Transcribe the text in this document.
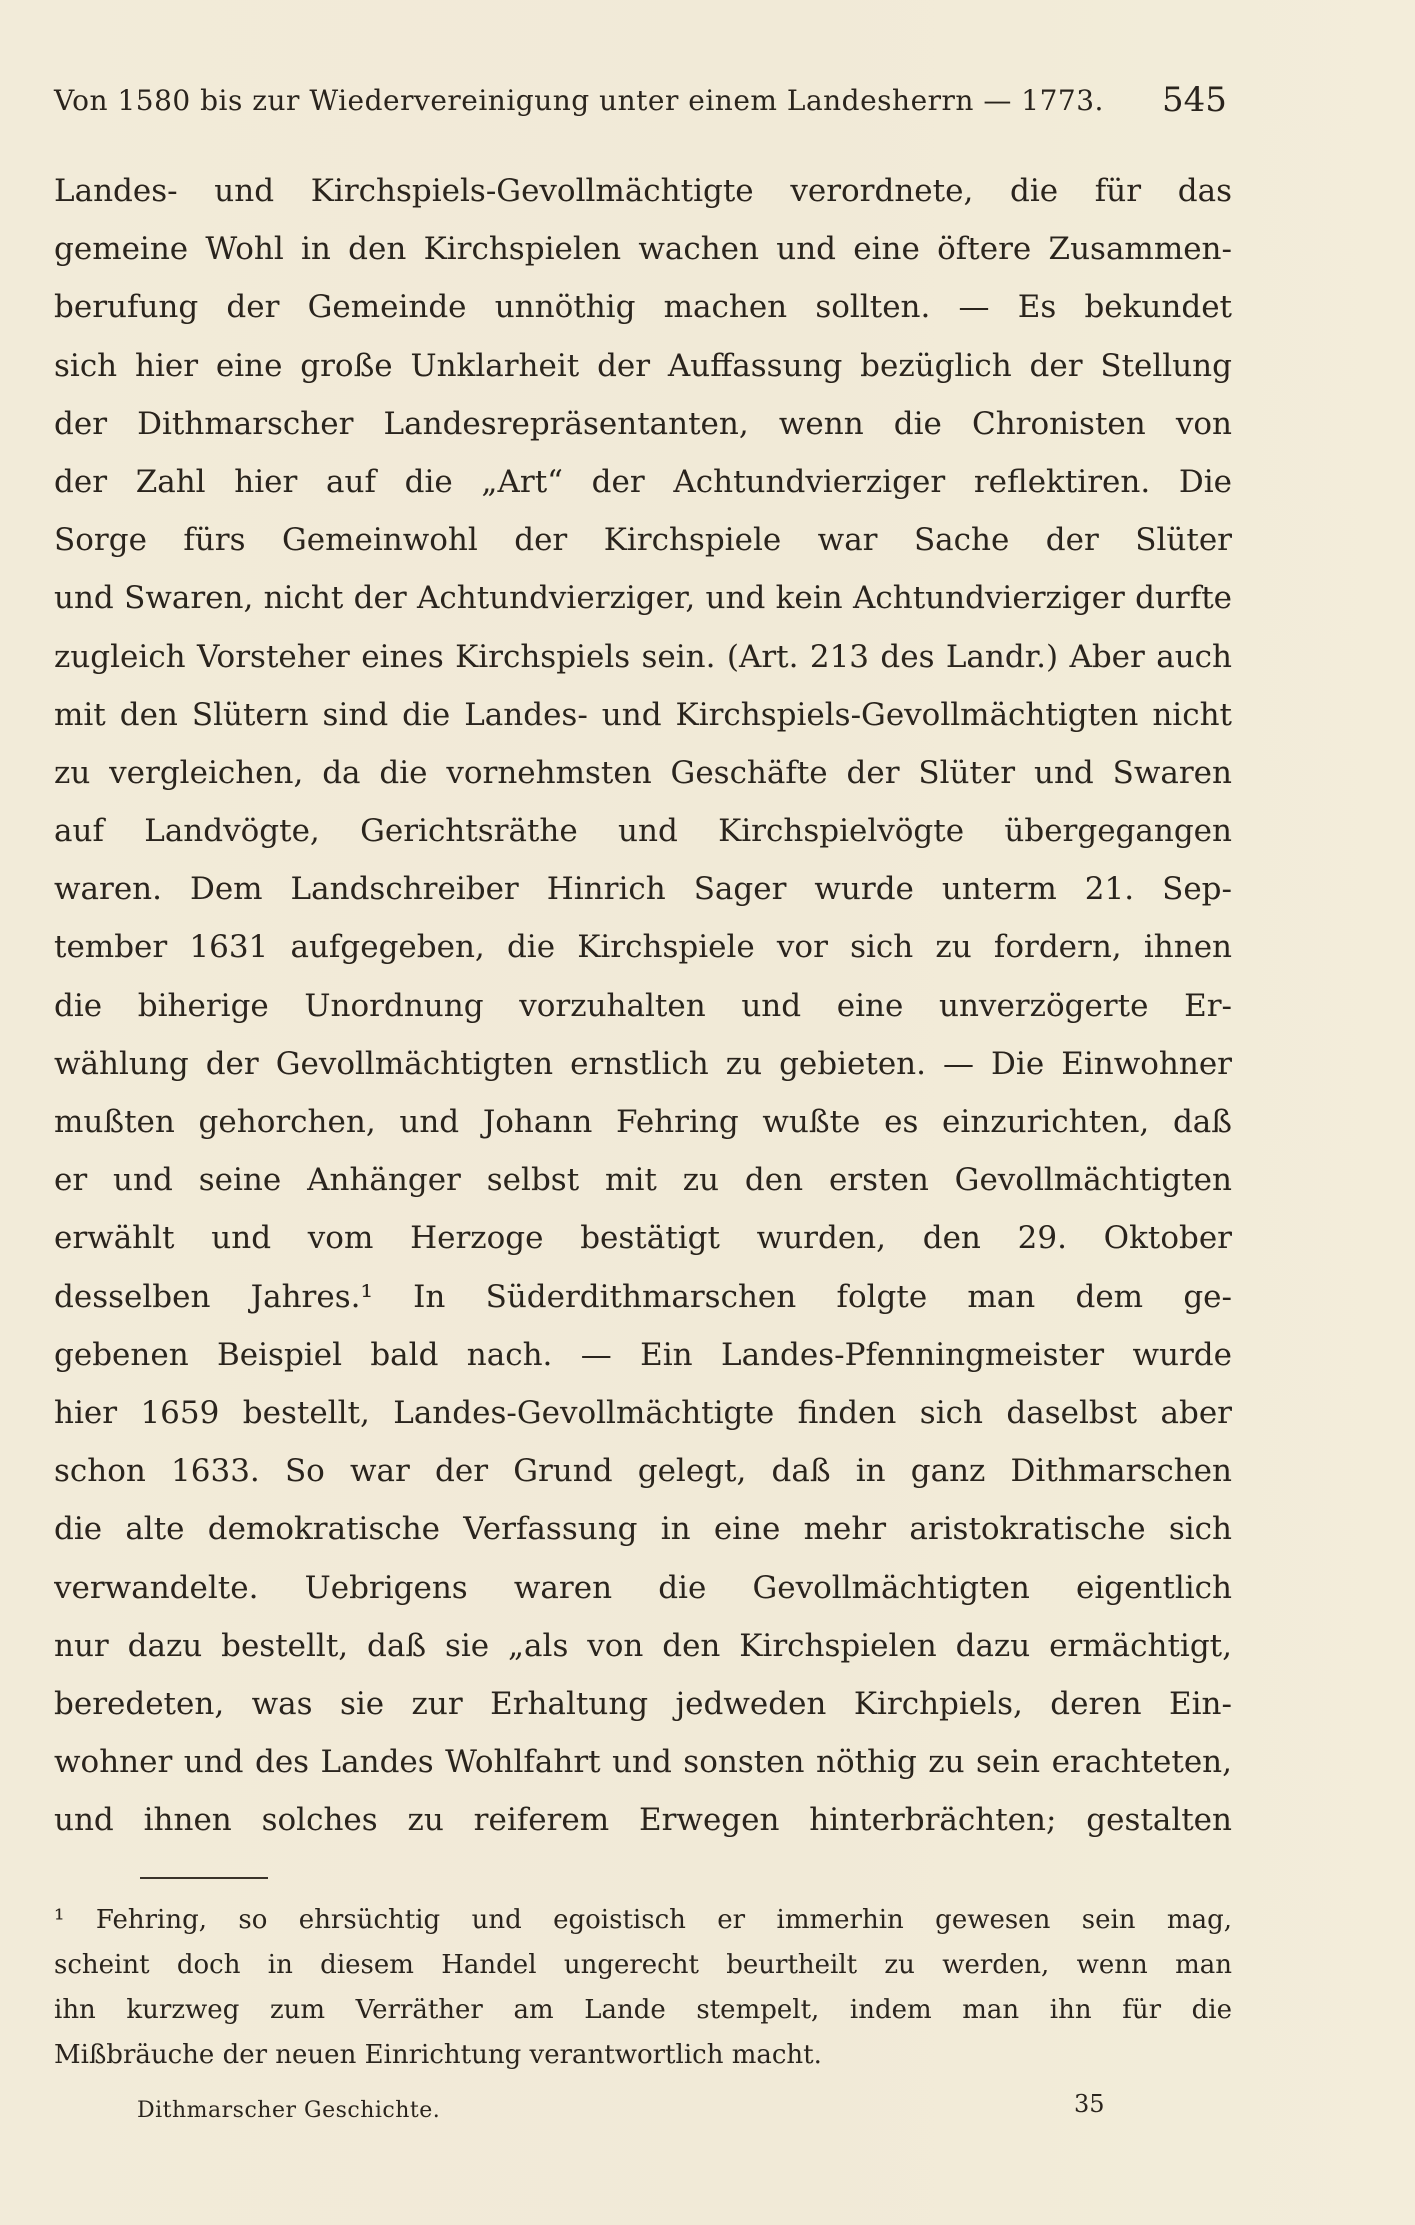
Von 1580 bis zur Wiedervereinigung unter einem Landesherrn — 1773.	545
Landes- und Kirchspiels-Gevollmächtigte verordnete, die für das
gemeine Wohl in den Kirchspielen wachen und eine öftere Zusammen-
berufung der Gemeinde unnöthig machen sollten. — Es bekundet
sich hier eine große Unklarheit der Auffassung bezüglich der Stellung
der Dithmarscher Landesrepräsentanten, wenn die Chronisten von
der Zahl hier auf die „Art“ der Achtundvierziger reflektiren. Die
Sorge fürs Gemeinwohl der Kirchspiele war Sache der Slüter
und Swaren, nicht der Achtundvierziger, und kein Achtundvierziger durfte
zugleich Vorsteher eines Kirchspiels sein. (Art. 213 des Landr.) Aber auch
mit den Slütern sind die Landes- und Kirchspiels-Gevollmächtigten nicht
zu vergleichen, da die vornehmsten Geschäfte der Slüter und Swaren
auf Landvögte, Gerichtsräthe und Kirchspielvögte übergegangen
waren. Dem Landschreiber Hinrich Sager wurde unterm 21. Sep-
tember 1631 aufgegeben, die Kirchspiele vor sich zu fordern, ihnen
die biherige Unordnung vorzuhalten und eine unverzögerte Er-
wählung der Gevollmächtigten ernstlich zu gebieten. — Die Einwohner
mußten gehorchen, und Johann Fehring wußte es einzurichten, daß
er und seine Anhänger selbst mit zu den ersten Gevollmächtigten
erwählt und vom Herzoge bestätigt wurden, den 29. Oktober
desselben Jahres.¹ In Süderdithmarschen folgte man dem ge-
gebenen Beispiel bald nach. — Ein Landes-Pfenningmeister wurde
hier 1659 bestellt, Landes-Gevollmächtigte finden sich daselbst aber
schon 1633. So war der Grund gelegt, daß in ganz Dithmarschen
die alte demokratische Verfassung in eine mehr aristokratische sich
verwandelte. Uebrigens waren die Gevollmächtigten eigentlich
nur dazu bestellt, daß sie „als von den Kirchspielen dazu ermächtigt,
beredeten, was sie zur Erhaltung jedweden Kirchpiels, deren Ein-
wohner und des Landes Wohlfahrt und sonsten nöthig zu sein erachteten,
und ihnen solches zu reiferem Erwegen hinterbrächten; gestalten
¹ Fehring, so ehrsüchtig und egoistisch er immerhin gewesen sein mag,
scheint doch in diesem Handel ungerecht beurtheilt zu werden, wenn man
ihn kurzweg zum Verräther am Lande stempelt, indem man ihn für die
Mißbräuche der neuen Einrichtung verantwortlich macht.
Dithmarscher Geschichte.	35
